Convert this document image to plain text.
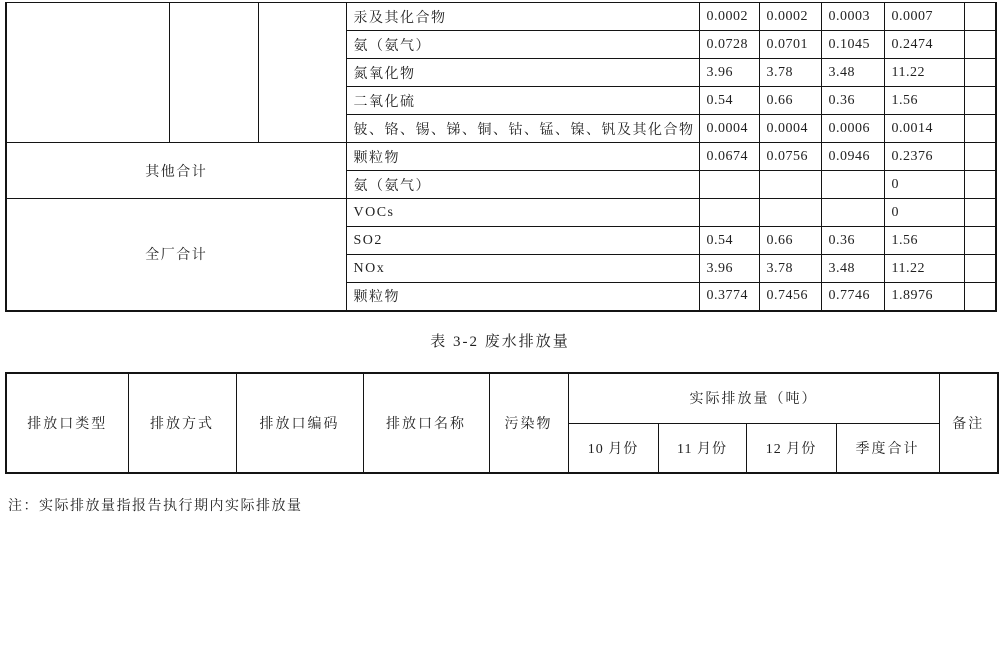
			汞及其化合物	0.0002	0.0002	0.0003	0.0007	
			氨（氨气）	0.0728	0.0701	0.1045	0.2474	
			氮氧化物	3.96	3.78	3.48	11.22	
			二氧化硫	0.54	0.66	0.36	1.56	
			铍、铬、锡、锑、铜、钴、锰、镍、钒及其化合物	0.0004	0.0004	0.0006	0.0014	
其他合计			颗粒物	0.0674	0.0756	0.0946	0.2376	
			氨（氨气）				0	
全厂合计			VOCs				0	
			SO2	0.54	0.66	0.36	1.56	
			NOx	3.96	3.78	3.48	11.22	
			颗粒物	0.3774	0.7456	0.7746	1.8976	
表 3-2 废水排放量
排放口类型	排放方式	排放口编码	排放口名称	污染物	实际排放量（吨）				备注
					10 月份	11 月份	12 月份	季度合计	
注：实际排放量指报告执行期内实际排放量
